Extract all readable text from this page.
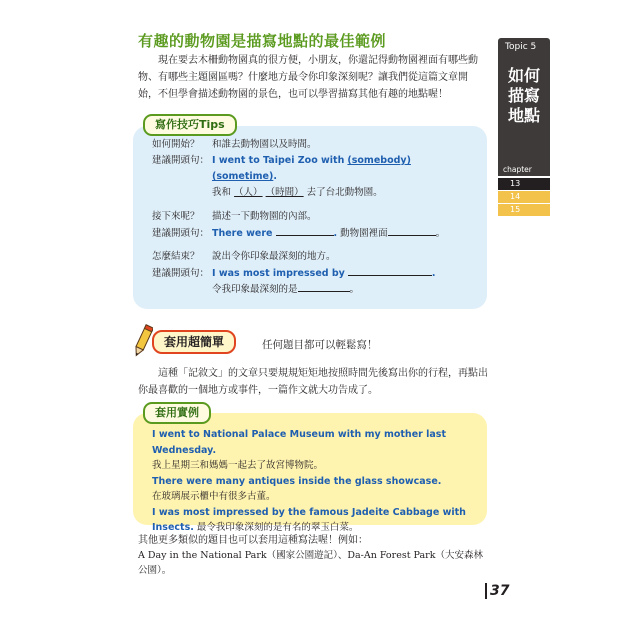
有趣的動物園是描寫地點的最佳範例

現在要去木柵動物園真的很方便，小朋友，你還記得動物園裡面有哪些動物、有哪些主題園區嗎？什麼地方最令你印象深刻呢？讓我們從這篇文章開始，不但學會描述動物園的景色，也可以學習描寫其他有趣的地點喔！

Topic 5
如何描寫地點
chapter
13
14
15
寫作技巧Tips
如何開始？ 和誰去動物園以及時間。
建議開頭句： I went to Taipei Zoo with (somebody)
(sometime).
我和 （人） （時間） 去了台北動物園。
接下來呢？ 描述一下動物園的內部。
建議開頭句： There were	. 動物園裡面	。
怎麼結束？ 說出令你印象最深刻的地方。
建議開頭句： I was most impressed by	.
令我印象最深刻的是	。
套用超簡單	任何題目都可以輕鬆寫！

這種「記敘文」的文章只要規規矩矩地按照時間先後寫出你的行程，再點出你最喜歡的一個地方或事件，一篇作文就大功告成了。

套用實例
I went to National Palace Museum with my mother last Wednesday.
我上星期三和媽媽一起去了故宮博物院。
There were many antiques inside the glass showcase.
在玻璃展示櫃中有很多古董。
I was most impressed by the famous Jadeite Cabbage with
Insects. 最令我印象深刻的是有名的翠玉白菜。

其他更多類似的題目也可以套用這種寫法喔！例如：

A Day in the National Park（國家公園遊記）、Da-An Forest Park（大安森林公園）。

37
